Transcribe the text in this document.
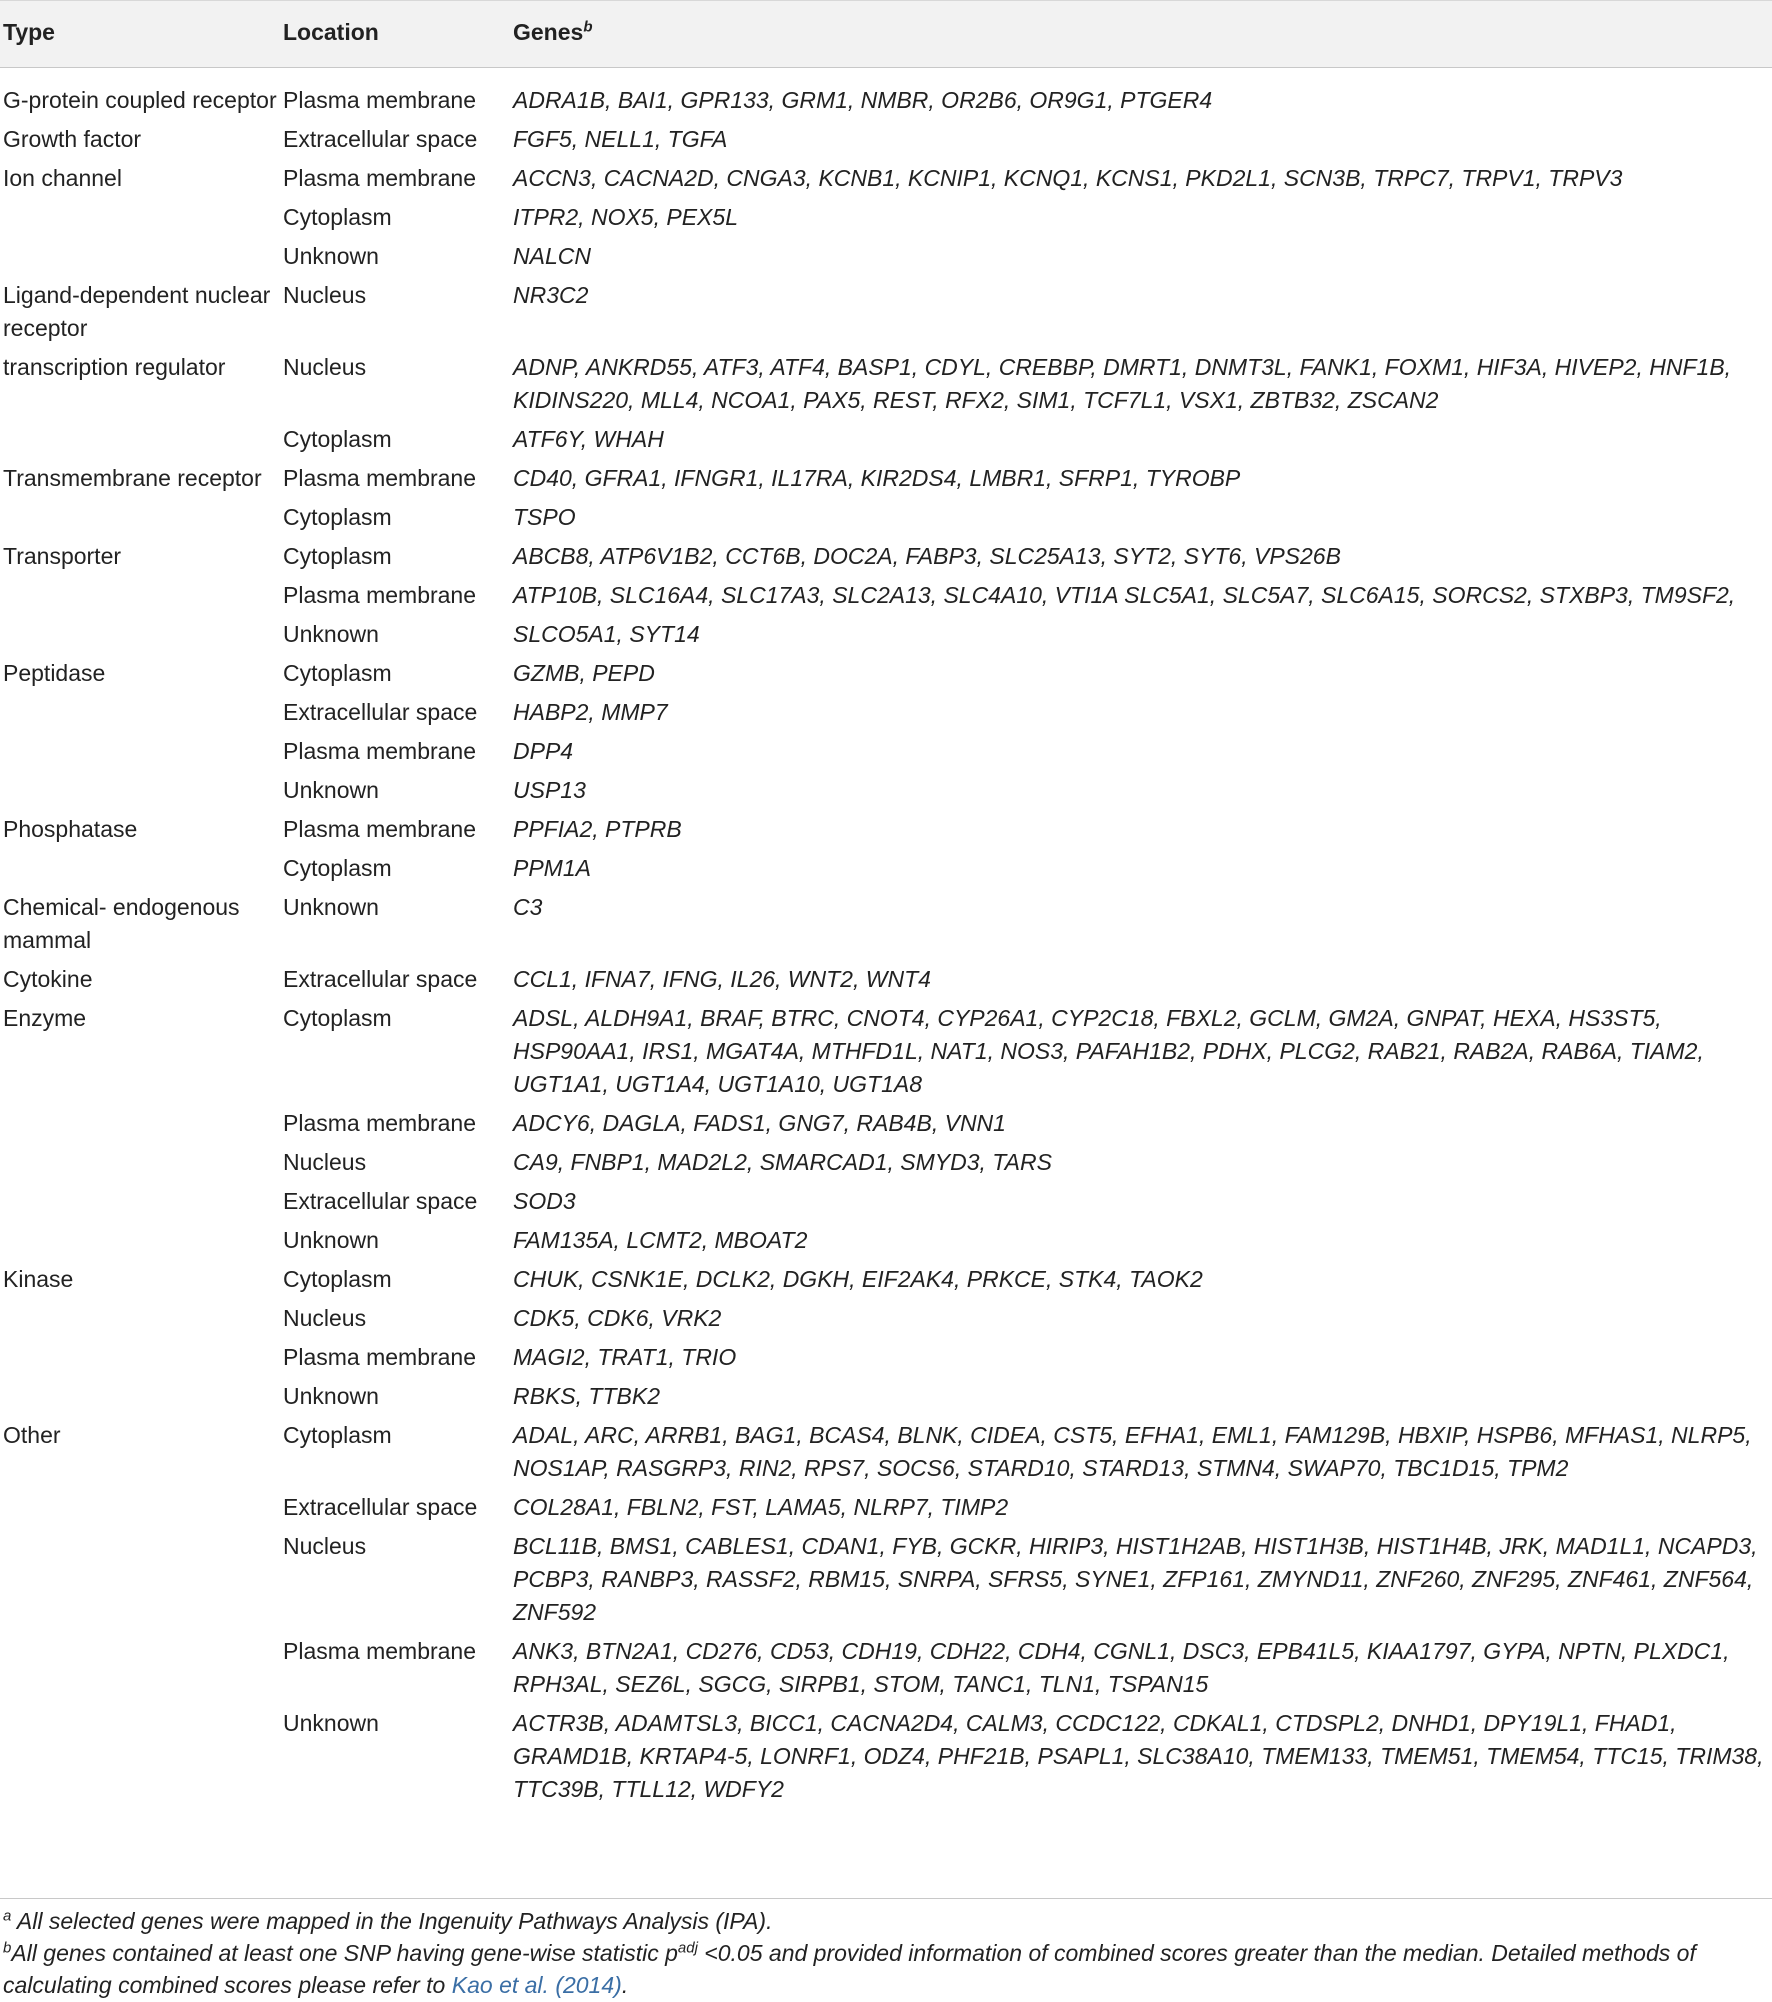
Type	Location	Genes$^b$
G-protein coupled receptor	Plasma membrane	ADRA1B, BAI1, GPR133, GRM1, NMBR, OR2B6, OR9G1, PTGER4
Growth factor	Extracellular space	FGF5, NELL1, TGFA
Ion channel	Plasma membrane	ACCN3, CACNA2D, CNGA3, KCNB1, KCNIP1, KCNQ1, KCNS1, PKD2L1, SCN3B, TRPC7, TRPV1, TRPV3
	Cytoplasm	ITPR2, NOX5, PEX5L
	Unknown	NALCN
Ligand-dependent nuclear receptor	Nucleus	NR3C2
transcription regulator	Nucleus	ADNP, ANKRD55, ATF3, ATF4, BASP1, CDYL, CREBBP, DMRT1, DNMT3L, FANK1, FOXM1, HIF3A, HIVEP2, HNF1B, KIDINS220, MLL4, NCOA1, PAX5, REST, RFX2, SIM1, TCF7L1, VSX1, ZBTB32, ZSCAN2
	Cytoplasm	ATF6Y, WHAH
Transmembrane receptor	Plasma membrane	CD40, GFRA1, IFNGR1, IL17RA, KIR2DS4, LMBR1, SFRP1, TYROBP
	Cytoplasm	TSPO
Transporter	Cytoplasm	ABCB8, ATP6V1B2, CCT6B, DOC2A, FABP3, SLC25A13, SYT2, SYT6, VPS26B
	Plasma membrane	ATP10B, SLC16A4, SLC17A3, SLC2A13, SLC4A10, VTI1A SLC5A1, SLC5A7, SLC6A15, SORCS2, STXBP3, TM9SF2,
	Unknown	SLCO5A1, SYT14
Peptidase	Cytoplasm	GZMB, PEPD
	Extracellular space	HABP2, MMP7
	Plasma membrane	DPP4
	Unknown	USP13
Phosphatase	Plasma membrane	PPFIA2, PTPRB
	Cytoplasm	PPM1A
Chemical- endogenous mammal	Unknown	C3
Cytokine	Extracellular space	CCL1, IFNA7, IFNG, IL26, WNT2, WNT4
Enzyme	Cytoplasm	ADSL, ALDH9A1, BRAF, BTRC, CNOT4, CYP26A1, CYP2C18, FBXL2, GCLM, GM2A, GNPAT, HEXA, HS3ST5, HSP90AA1, IRS1, MGAT4A, MTHFD1L, NAT1, NOS3, PAFAH1B2, PDHX, PLCG2, RAB21, RAB2A, RAB6A, TIAM2, UGT1A1, UGT1A4, UGT1A10, UGT1A8
	Plasma membrane	ADCY6, DAGLA, FADS1, GNG7, RAB4B, VNN1
	Nucleus	CA9, FNBP1, MAD2L2, SMARCAD1, SMYD3, TARS
	Extracellular space	SOD3
	Unknown	FAM135A, LCMT2, MBOAT2
Kinase	Cytoplasm	CHUK, CSNK1E, DCLK2, DGKH, EIF2AK4, PRKCE, STK4, TAOK2
	Nucleus	CDK5, CDK6, VRK2
	Plasma membrane	MAGI2, TRAT1, TRIO
	Unknown	RBKS, TTBK2
Other	Cytoplasm	ADAL, ARC, ARRB1, BAG1, BCAS4, BLNK, CIDEA, CST5, EFHA1, EML1, FAM129B, HBXIP, HSPB6, MFHAS1, NLRP5, NOS1AP, RASGRP3, RIN2, RPS7, SOCS6, STARD10, STARD13, STMN4, SWAP70, TBC1D15, TPM2
	Extracellular space	COL28A1, FBLN2, FST, LAMA5, NLRP7, TIMP2
	Nucleus	BCL11B, BMS1, CABLES1, CDAN1, FYB, GCKR, HIRIP3, HIST1H2AB, HIST1H3B, HIST1H4B, JRK, MAD1L1, NCAPD3, PCBP3, RANBP3, RASSF2, RBM15, SNRPA, SFRS5, SYNE1, ZFP161, ZMYND11, ZNF260, ZNF295, ZNF461, ZNF564, ZNF592
	Plasma membrane	ANK3, BTN2A1, CD276, CD53, CDH19, CDH22, CDH4, CGNL1, DSC3, EPB41L5, KIAA1797, GYPA, NPTN, PLXDC1, RPH3AL, SEZ6L, SGCG, SIRPB1, STOM, TANC1, TLN1, TSPAN15
	Unknown	ACTR3B, ADAMTSL3, BICC1, CACNA2D4, CALM3, CCDC122, CDKAL1, CTDSPL2, DNHD1, DPY19L1, FHAD1, GRAMD1B, KRTAP4-5, LONRF1, ODZ4, PHF21B, PSAPL1, SLC38A10, TMEM133, TMEM51, TMEM54, TTC15, TRIM38, TTC39B, TTLL12, WDFY2

$^a$ All selected genes were mapped in the Ingenuity Pathways Analysis (IPA).

$^b$All genes contained at least one SNP having gene-wise statistic $p^{adj} <0.05$ and provided information of combined scores greater than the median. Detailed methods of calculating combined scores please refer to Kao et al. (2014).
